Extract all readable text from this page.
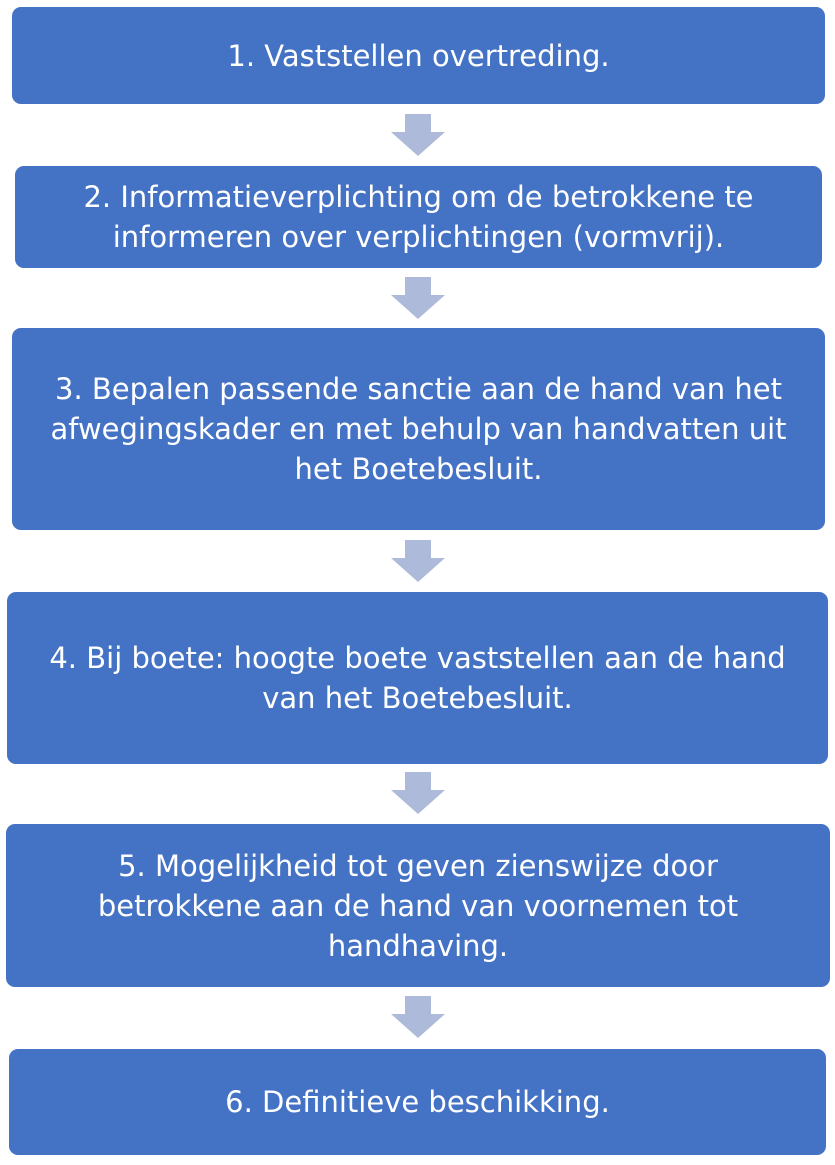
1. Vaststellen overtreding.
2. Informatieverplichting om de betrokkene te
informeren over verplichtingen (vormvrij).
3. Bepalen passende sanctie aan de hand van het
afwegingskader en met behulp van handvatten uit
het Boetebesluit.
4. Bij boete: hoogte boete vaststellen aan de hand
van het Boetebesluit.
5. Mogelijkheid tot geven zienswijze door
betrokkene aan de hand van voornemen tot
handhaving.
6. Definitieve beschikking.
